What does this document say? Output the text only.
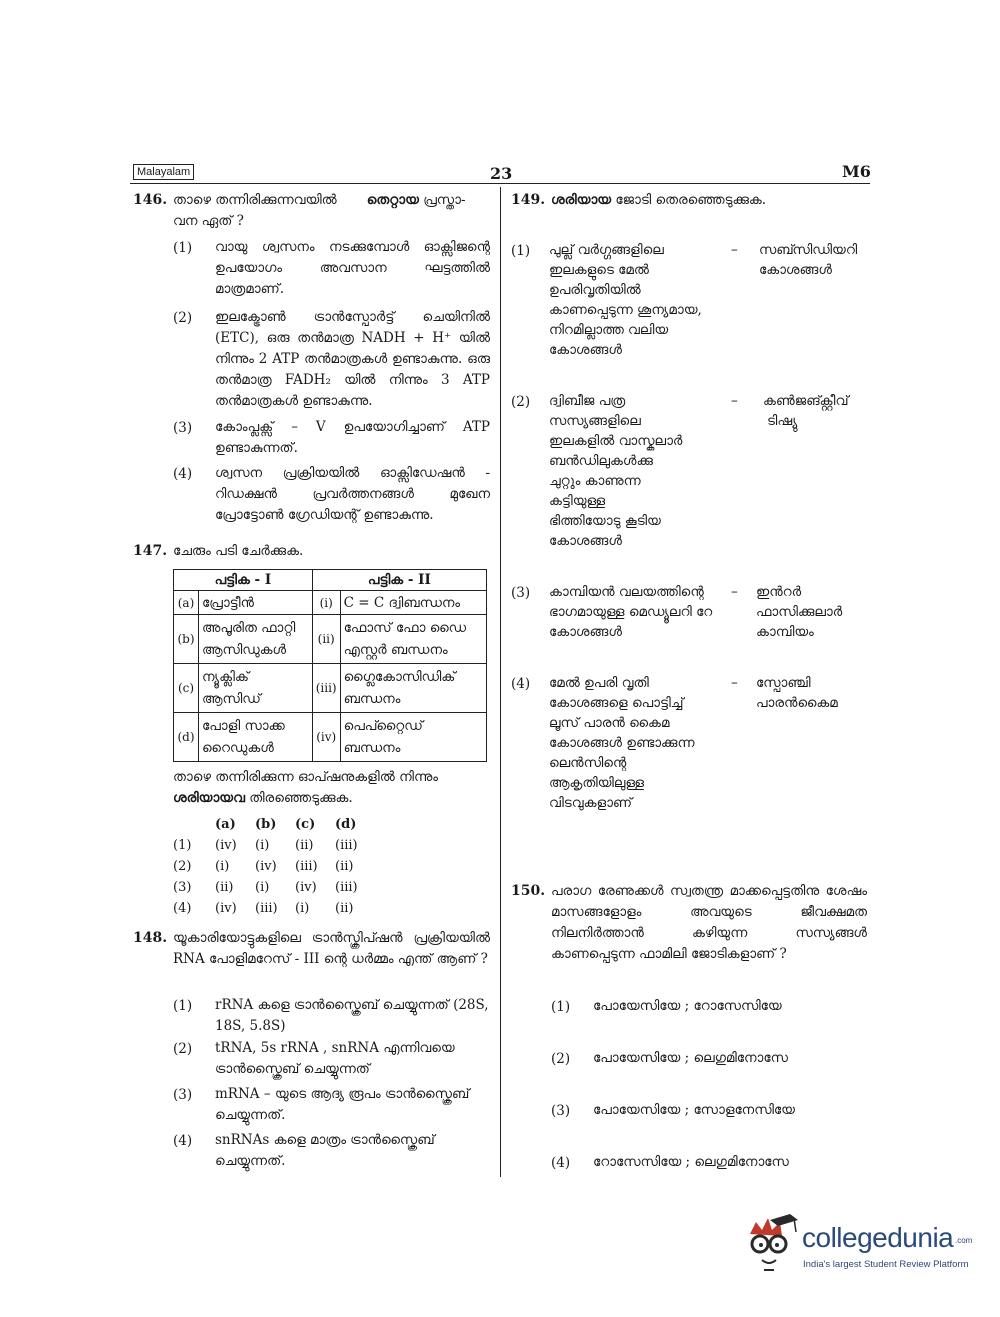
Malayalam	23	M6
146. താഴെ തന്നിരിക്കുന്നവയിൽ തെറ്റായ പ്രസ്താ-
വന ഏത് ?
(1) വായു ശ്വസനം നടക്കുമ്പോൾ ഓക്സിജന്റെ ഉപയോഗം അവസാന ഘട്ടത്തിൽ മാത്രമാണ്.
(2) ഇലക്ട്രോൺ ട്രാൻസ്പോർട്ട് ചെയിനിൽ (ETC), ഒരു തൻമാത്ര NADH + H⁺ യിൽ നിന്നും 2 ATP തൻമാത്രകൾ ഉണ്ടാകുന്നു. ഒരു തൻമാത്ര FADH₂ യിൽ നിന്നും 3 ATP തൻമാത്രകൾ ഉണ്ടാകുന്നു.
(3) കോംപ്ലക്സ് – V ഉപയോഗിച്ചാണ് ATP ഉണ്ടാകുന്നത്.
(4) ശ്വസന പ്രക്രിയയിൽ ഓക്സിഡേഷൻ - റിഡക്ഷൻ പ്രവർത്തനങ്ങൾ മുഖേന പ്രോട്ടോൺ ഗ്രേഡിയന്റ് ഉണ്ടാകുന്നു.
147. ചേരും പടി ചേർക്കുക.
പട്ടിക - I		പട്ടിക - II	
(a)	പ്രോട്ടീൻ	(i)	C = C ദ്വിബന്ധനം
(b)	അപൂരിത ഫാറ്റി ആസിഡുകൾ	(ii)	ഫോസ് ഫോ ഡൈ എസ്റ്റർ ബന്ധനം
(c)	ന്യൂക്ലിക് ആസിഡ്	(iii)	ഗ്ലൈകോസിഡിക് ബന്ധനം
(d)	പോളി സാക്ക റൈഡുകൾ	(iv)	പെപ്റ്റൈഡ് ബന്ധനം
താഴെ തന്നിരിക്കുന്ന ഓപ്ഷനുകളിൽ നിന്നും
ശരിയായവ തിരഞ്ഞെടുക്കുക.
	(a)	(b)	(c)	(d)
(1)	(iv)	(i)	(ii)	(iii)
(2)	(i)	(iv)	(iii)	(ii)
(3)	(ii)	(i)	(iv)	(iii)
(4)	(iv)	(iii)	(i)	(ii)
148. യൂകാരിയോട്ടുകളിലെ ട്രാൻസ്ക്രിപ്ഷൻ പ്രക്രിയയിൽ RNA പോളിമറേസ് - III ന്റെ ധർമ്മം എന്ത് ആണ് ?
(1) rRNA കളെ ട്രാൻസ്ക്രൈബ് ചെയ്യുന്നത് (28S, 18S, 5.8S)
(2) tRNA, 5s rRNA , snRNA എന്നിവയെ ട്രാൻസ്ക്രൈബ് ചെയ്യുന്നത്
(3) mRNA – യുടെ ആദ്യ രൂപം ട്രാൻസ്ക്രൈബ് ചെയ്യുന്നത്.
(4) snRNAs കളെ മാത്രം ട്രാൻസ്ക്രൈബ് ചെയ്യുന്നത്.
149. ശരിയായ ജോടി തെരഞ്ഞെടുക്കുക.
(1) പുല്ല് വർഗ്ഗങ്ങളിലെ
ഇലകളുടെ മേൽ
ഉപരിവൃതിയിൽ
കാണപ്പെടുന്ന ശൂന്യമായ,
നിറമില്ലാത്ത വലിയ
കോശങ്ങൾ
– സബ്സിഡിയറി
കോശങ്ങൾ
(2) ദ്വിബീജ പത്ര
സസ്യങ്ങളിലെ
ഇലകളിൽ വാസ്കുലാർ
ബൻഡിലുകൾക്കു
ചുറ്റും കാണുന്ന
കട്ടിയുള്ള
ഭിത്തിയോടു കൂടിയ
കോശങ്ങൾ
– കൺജങ്ക്റ്റീവ്
ടിഷ്യു
(3) കാമ്പിയൻ വലയത്തിന്റെ
ഭാഗമായുള്ള മെഡ്യൂലറി റേ
കോശങ്ങൾ
– ഇൻറർ
ഫാസിക്കുലാർ
കാമ്പിയം
(4) മേൽ ഉപരി വൃതി
കോശങ്ങളെ പൊട്ടിച്ച്
ലൂസ് പാരൻ കൈമ
കോശങ്ങൾ ഉണ്ടാക്കുന്ന
ലെൻസിന്റെ
ആകൃതിയിലുള്ള
വിടവുകളാണ്
– സ്പോഞ്ചി
പാരൻകൈമ
150. പരാഗ രേണുക്കൾ സ്വതന്ത്ര മാക്കപ്പെട്ടതിനു ശേഷം മാസങ്ങളോളം അവയുടെ ജീവക്ഷമത നിലനിർത്താൻ കഴിയുന്ന സസ്യങ്ങൾ കാണപ്പെടുന്ന ഫാമിലി ജോടികളാണ് ?
(1) പോയേസിയേ ; റോസേസിയേ
(2) പോയേസിയേ ; ലെഗുമിനോസേ
(3) പോയേസിയേ ; സോളനേസിയേ
(4) റോസേസിയേ ; ലെഗുമിനോസേ
collegedunia .com
India's largest Student Review Platform
